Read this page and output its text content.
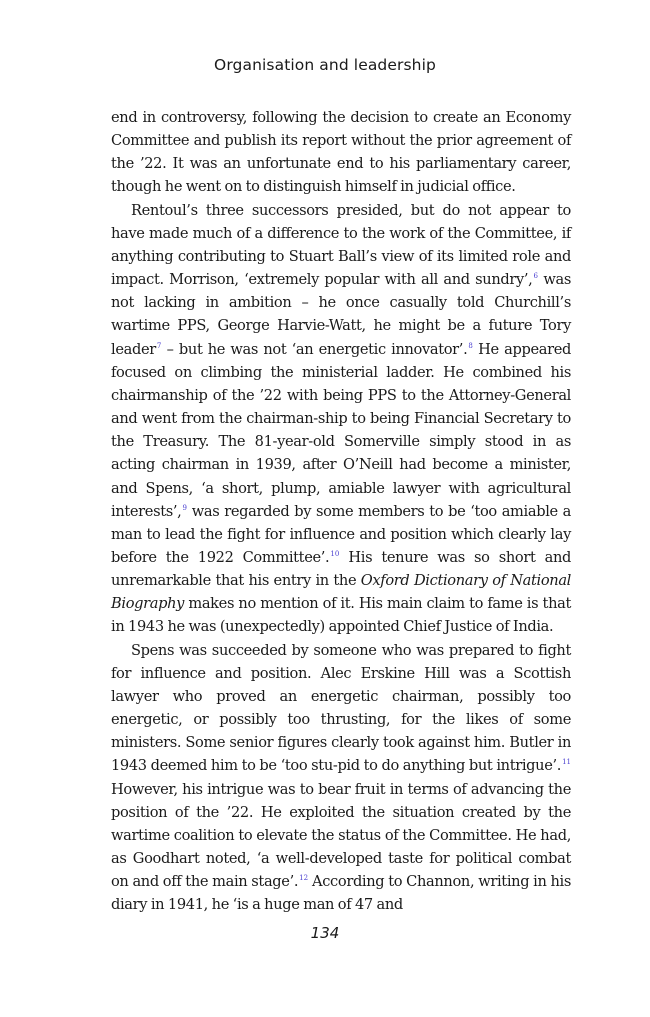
Organisation and leadership

end in controversy, following the decision to create an Economy Committee and publish its report without the prior agreement of the ’22. It was an unfortunate end to his parliamentary career, though he went on to distinguish himself in judicial office.

Rentoul’s three successors presided, but do not appear to have made much of a difference to the work of the Committee, if anything contributing to Stuart Ball’s view of its limited role and impact. Morrison, ‘extremely popular with all and sundry’,$^6$ was not lacking in ambition – he once casually told Churchill’s wartime PPS, George Harvie-Watt, he might be a future Tory leader$^7$ – but he was not ‘an energetic innovator’.$^8$ He appeared focused on climbing the ministerial ladder. He combined his chairmanship of the ’22 with being PPS to the Attorney-General and went from the chairman-ship to being Financial Secretary to the Treasury. The 81-year-old Somerville simply stood in as acting chairman in 1939, after O’Neill had become a minister, and Spens, ‘a short, plump, amiable lawyer with agricultural interests’,$^9$ was regarded by some members to be ‘too amiable a man to lead the fight for influence and position which clearly lay before the 1922 Committee’.$^{10}$ His tenure was so short and unremarkable that his entry in the Oxford Dictionary of National Biography makes no mention of it. His main claim to fame is that in 1943 he was (unexpectedly) appointed Chief Justice of India.

Spens was succeeded by someone who was prepared to fight for influence and position. Alec Erskine Hill was a Scottish lawyer who proved an energetic chairman, possibly too energetic, or possibly too thrusting, for the likes of some ministers. Some senior figures clearly took against him. Butler in 1943 deemed him to be ‘too stu-pid to do anything but intrigue’.$^{11}$ However, his intrigue was to bear fruit in terms of advancing the position of the ’22. He exploited the situation created by the wartime coalition to elevate the status of the Committee. He had, as Goodhart noted, ‘a well-developed taste for political combat on and off the main stage’.$^{12}$ According to Channon, writing in his diary in 1941, he ‘is a huge man of 47 and

134
